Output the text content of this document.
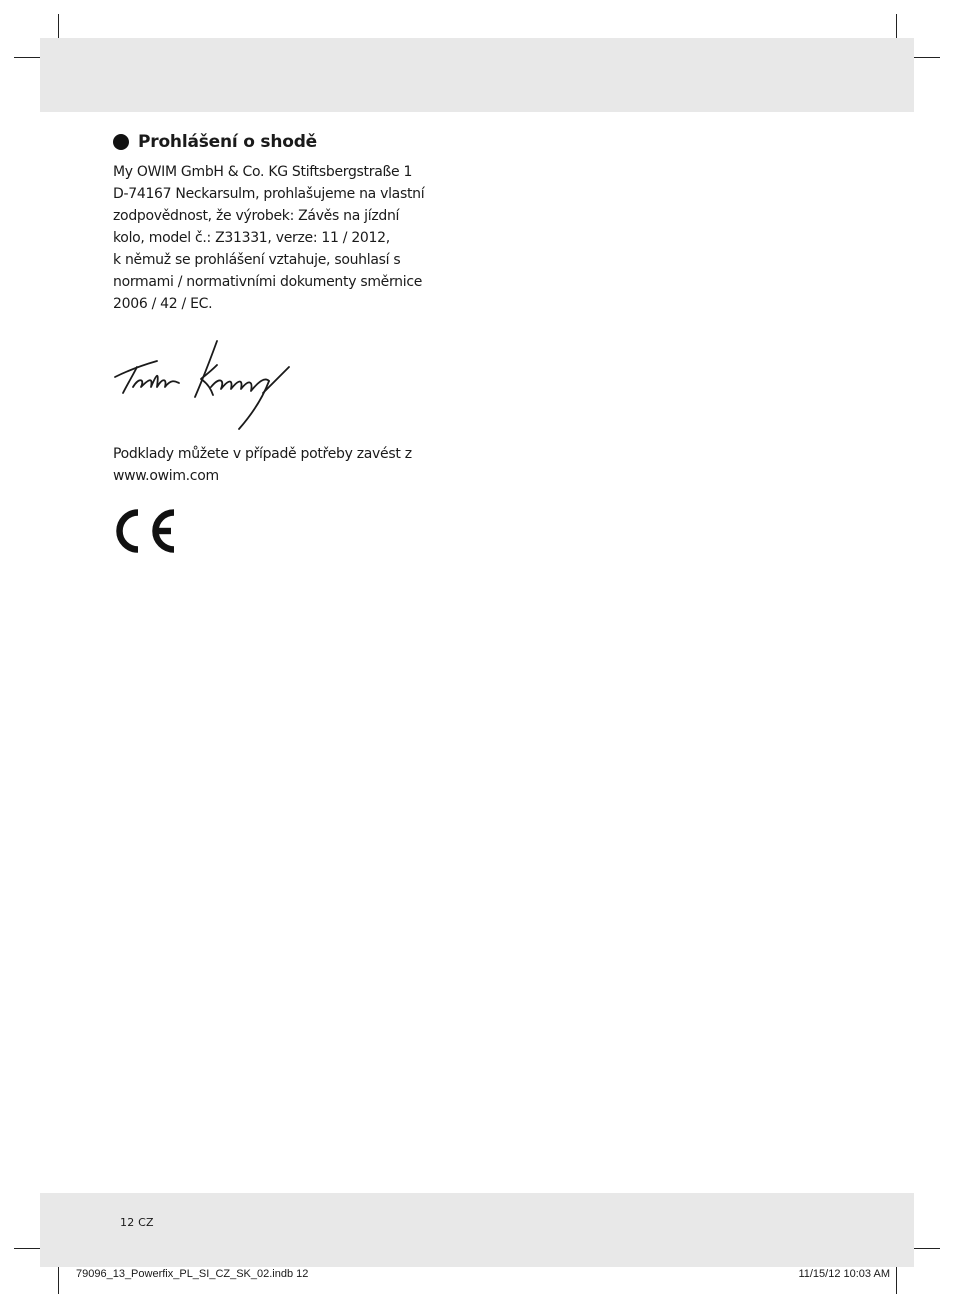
Prohlášení o shodě

My OWIM GmbH & Co. KG Stiftsbergstraße 1
D-74167 Neckarsulm, prohlašujeme na vlastní
zodpovědnost, že výrobek: Závěs na jízdní
kolo, model č.: Z31331, verze: 11 / 2012,
k němuž se prohlášení vztahuje, souhlasí s
normami / normativními dokumenty směrnice
2006 / 42 / EC.

Podklady můžete v případě potřeby zavést z
www.owim.com

12 CZ
79096_13_Powerfix_PL_SI_CZ_SK_02.indb 12	11/15/12 10:03 AM
